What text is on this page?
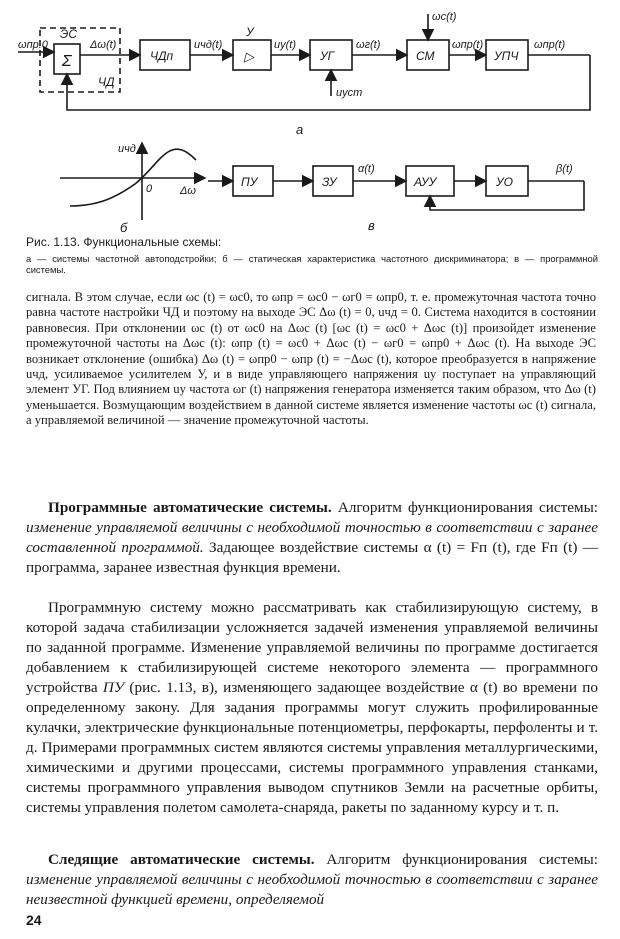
ЭС
Σ
ЧД
ЧДп
У
▷	УГ	СМ	УПЧ
ωпр.0	Δω(t)	uчд(t)	uу(t)	ωг(t)	ωпр(t)	ωпр(t)
ωс(t)
uуст
a
uчд
Δω
0
б
ПУ	ЗУ	АУУ	УО
α(t)	β(t)
в
Рис. 1.13. Функциональные схемы:
а — системы частотной автоподстройки; б — статическая характеристика частотного дискриминатора; в — программной системы.

сигнала. В этом случае, если ωс (t) = ωс0, то ωпр = ωс0 − ωг0 = ωпр0, т. е. промежуточная частота точно равна частоте настройки ЧД и поэтому на выходе ЭС Δω (t) = 0, uчд = 0. Система находится в состоянии равновесия. При отклонении ωс (t) от ωс0 на Δωс (t) [ωс (t) = ωс0 + Δωс (t)] произойдет изменение промежуточной частоты на Δωс (t): ωпр (t) = ωс0 + Δωс (t) − ωг0 = ωпр0 + Δωс (t). На выходе ЭС возникает отклонение (ошибка) Δω (t) = ωпр0 − ωпр (t) = −Δωс (t), которое преобразуется в напряжение uчд, усиливаемое усилителем У, и в виде управляющего напряжения uу поступает на управляющий элемент УГ. Под влиянием uу частота ωг (t) напряжения генератора изменяется таким образом, что Δω (t) уменьшается. Возмущающим воздействием в данной системе является изменение частоты ωс (t) сигнала, а управляемой величиной — значение промежуточной частоты.

Программные автоматические системы. Алгоритм функционирования системы: изменение управляемой величины с необходимой точностью в соответствии с заранее составленной программой. Задающее воздействие системы α (t) = Fп (t), где Fп (t) — программа, заранее известная функция времени.

Программную систему можно рассматривать как стабилизирующую систему, в которой задача стабилизации усложняется задачей изменения управляемой величины по заданной программе. Изменение управляемой величины по программе достигается добавлением к стабилизирующей системе некоторого элемента — программного устройства ПУ (рис. 1.13, в), изменяющего задающее воздействие α (t) во времени по определенному закону. Для задания программы могут служить профилированные кулачки, электрические функциональные потенциометры, перфокарты, перфоленты и т. д. Примерами программных систем являются системы управления металлургическими, химическими и другими процессами, системы программного управления станками, системы программного управления выводом спутников Земли на расчетные орбиты, системы управления полетом самолета-снаряда, ракеты по заданному курсу и т. п.

Следящие автоматические системы. Алгоритм функционирования системы: изменение управляемой величины с необходимой точностью в соответствии с заранее неизвестной функцией времени, определяемой

24
